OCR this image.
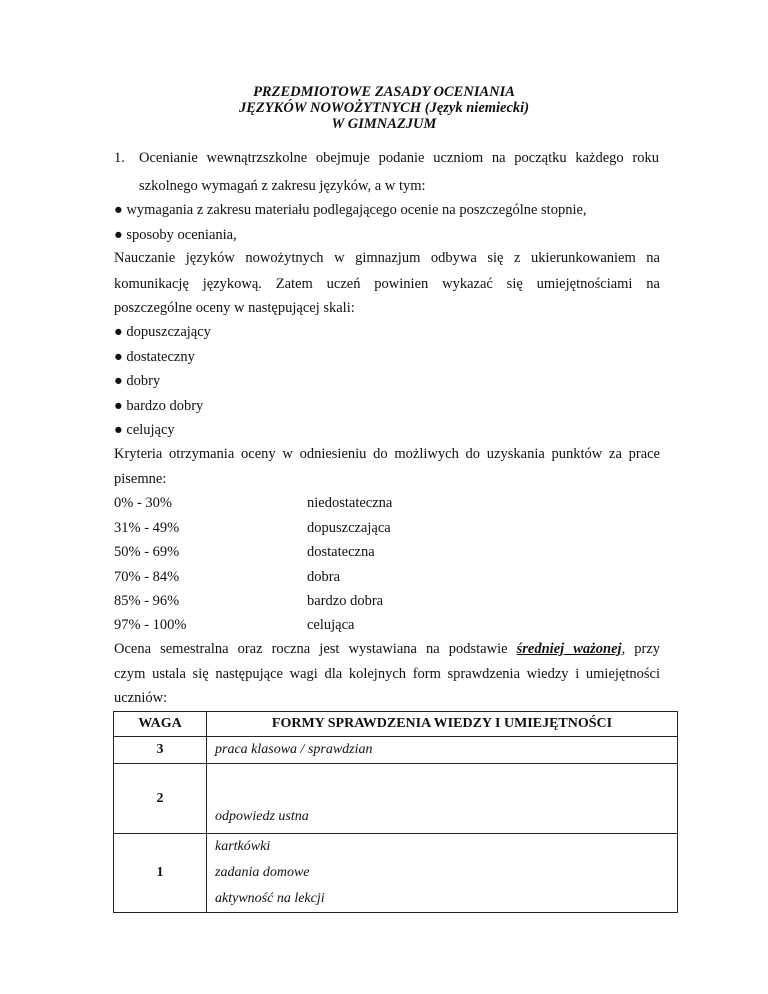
PRZEDMIOTOWE ZASADY OCENIANIA
JĘZYKÓW NOWOŻYTNYCH (Język niemiecki)
W GIMNAZJUM
1. Ocenianie wewnątrzszkolne obejmuje podanie uczniom na początku każdego roku
szkolnego wymagań z zakresu języków, a w tym:
● wymagania z zakresu materiału podlegającego ocenie na poszczególne stopnie,
● sposoby oceniania,
Nauczanie języków nowożytnych w gimnazjum odbywa się z ukierunkowaniem na
komunikację językową. Zatem uczeń powinien wykazać się umiejętnościami na
poszczególne oceny w następującej skali:
● dopuszczający
● dostateczny
● dobry
● bardzo dobry
● celujący
Kryteria otrzymania oceny w odniesieniu do możliwych do uzyskania punktów za prace
pisemne:
0% - 30%	niedostateczna
31% - 49%	dopuszczająca
50% - 69%	dostateczna
70% - 84%	dobra
85% - 96%	bardzo dobra
97% - 100%	celująca
Ocena semestralna oraz roczna jest wystawiana na podstawie średniej ważonej, przy
czym ustala się następujące wagi dla kolejnych form sprawdzenia wiedzy i umiejętności
uczniów:
WAGA	FORMY SPRAWDZENIA WIEDZY I UMIEJĘTNOŚCI
3	praca klasowa / sprawdzian

2	odpowiedz ustna

1	kartkówki
zadania domowe
aktywność na lekcji
